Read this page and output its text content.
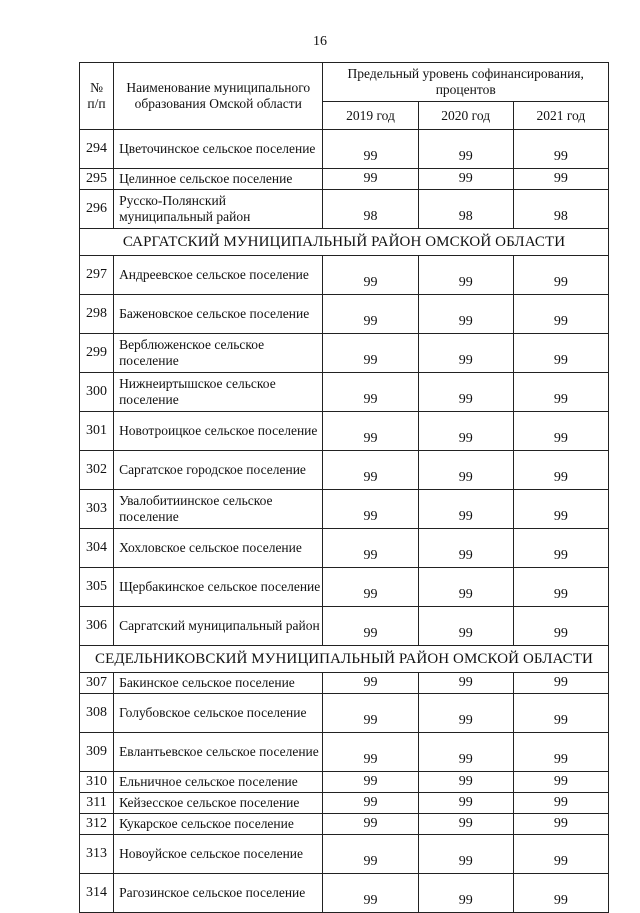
16
№
п/п	Наименование муниципального образования Омской области	Предельный уровень софинансирования, процентов		
		2019 год	2020 год	2021 год
294	Цветочинское сельское поселение	99	99	99
295	Целинное сельское поселение	99	99	99
296	Русско-Полянский муниципальный район	98	98	98
САРГАТСКИЙ МУНИЦИПАЛЬНЫЙ РАЙОН ОМСКОЙ ОБЛАСТИ				
297	Андреевское сельское поселение	99	99	99
298	Баженовское сельское поселение	99	99	99
299	Верблюженское сельское поселение	99	99	99
300	Нижнеиртышское сельское поселение	99	99	99
301	Новотроицкое сельское поселение	99	99	99
302	Саргатское городское поселение	99	99	99
303	Увалобитиинское сельское поселение	99	99	99
304	Хохловское сельское поселение	99	99	99
305	Щербакинское сельское поселение	99	99	99
306	Саргатский муниципальный район	99	99	99
СЕДЕЛЬНИКОВСКИЙ МУНИЦИПАЛЬНЫЙ РАЙОН ОМСКОЙ ОБЛАСТИ				
307	Бакинское сельское поселение	99	99	99
308	Голубовское сельское поселение	99	99	99
309	Евлантьевское сельское поселение	99	99	99
310	Ельничное сельское поселение	99	99	99
311	Кейзесское сельское поселение	99	99	99
312	Кукарское сельское поселение	99	99	99
313	Новоуйское сельское поселение	99	99	99
314	Рагозинское сельское поселение	99	99	99
